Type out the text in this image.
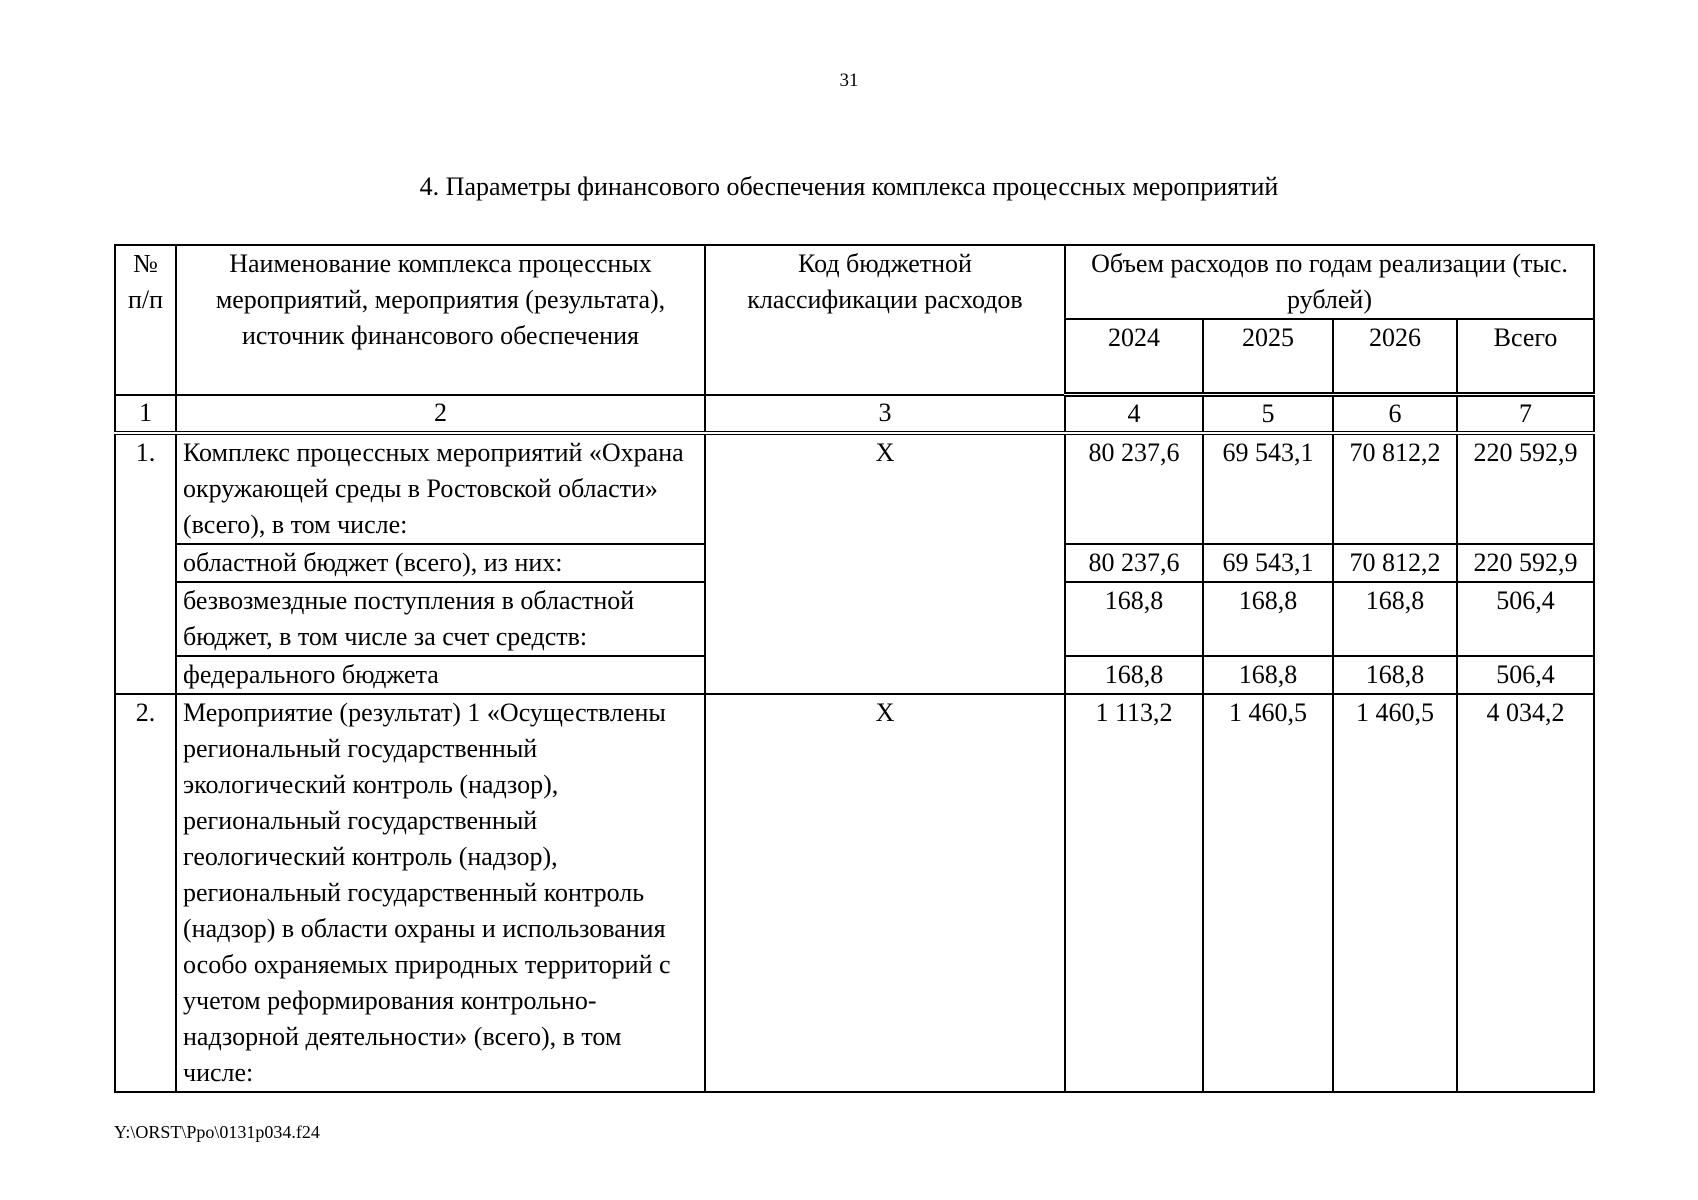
31
4. Параметры финансового обеспечения комплекса процессных мероприятий
№ п/п	Наименование комплекса процессных мероприятий, мероприятия (результата), источник финансового обеспечения	Код бюджетной классификации расходов	Объем расходов по годам реализации (тыс. рублей)			
			2024	2025	2026	Всего
1	2	3	4	5	6	7
1.	Комплекс процессных мероприятий «Охрана окружающей среды в Ростовской области» (всего), в том числе:	Х	80 237,6	69 543,1	70 812,2	220 592,9
	областной бюджет (всего), из них:		80 237,6	69 543,1	70 812,2	220 592,9
	безвозмездные поступления в областной бюджет, в том числе за счет средств:		168,8	168,8	168,8	506,4
	федерального бюджета		168,8	168,8	168,8	506,4
2.	Мероприятие (результат) 1 «Осуществлены региональный государственный экологический контроль (надзор), региональный государственный геологический контроль (надзор), региональный государственный контроль (надзор) в области охраны и использования особо охраняемых природных территорий с учетом реформирования контрольно-надзорной деятельности» (всего), в том числе:	Х	1 113,2	1 460,5	1 460,5	4 034,2
Y:\ORST\Ppo\0131p034.f24
